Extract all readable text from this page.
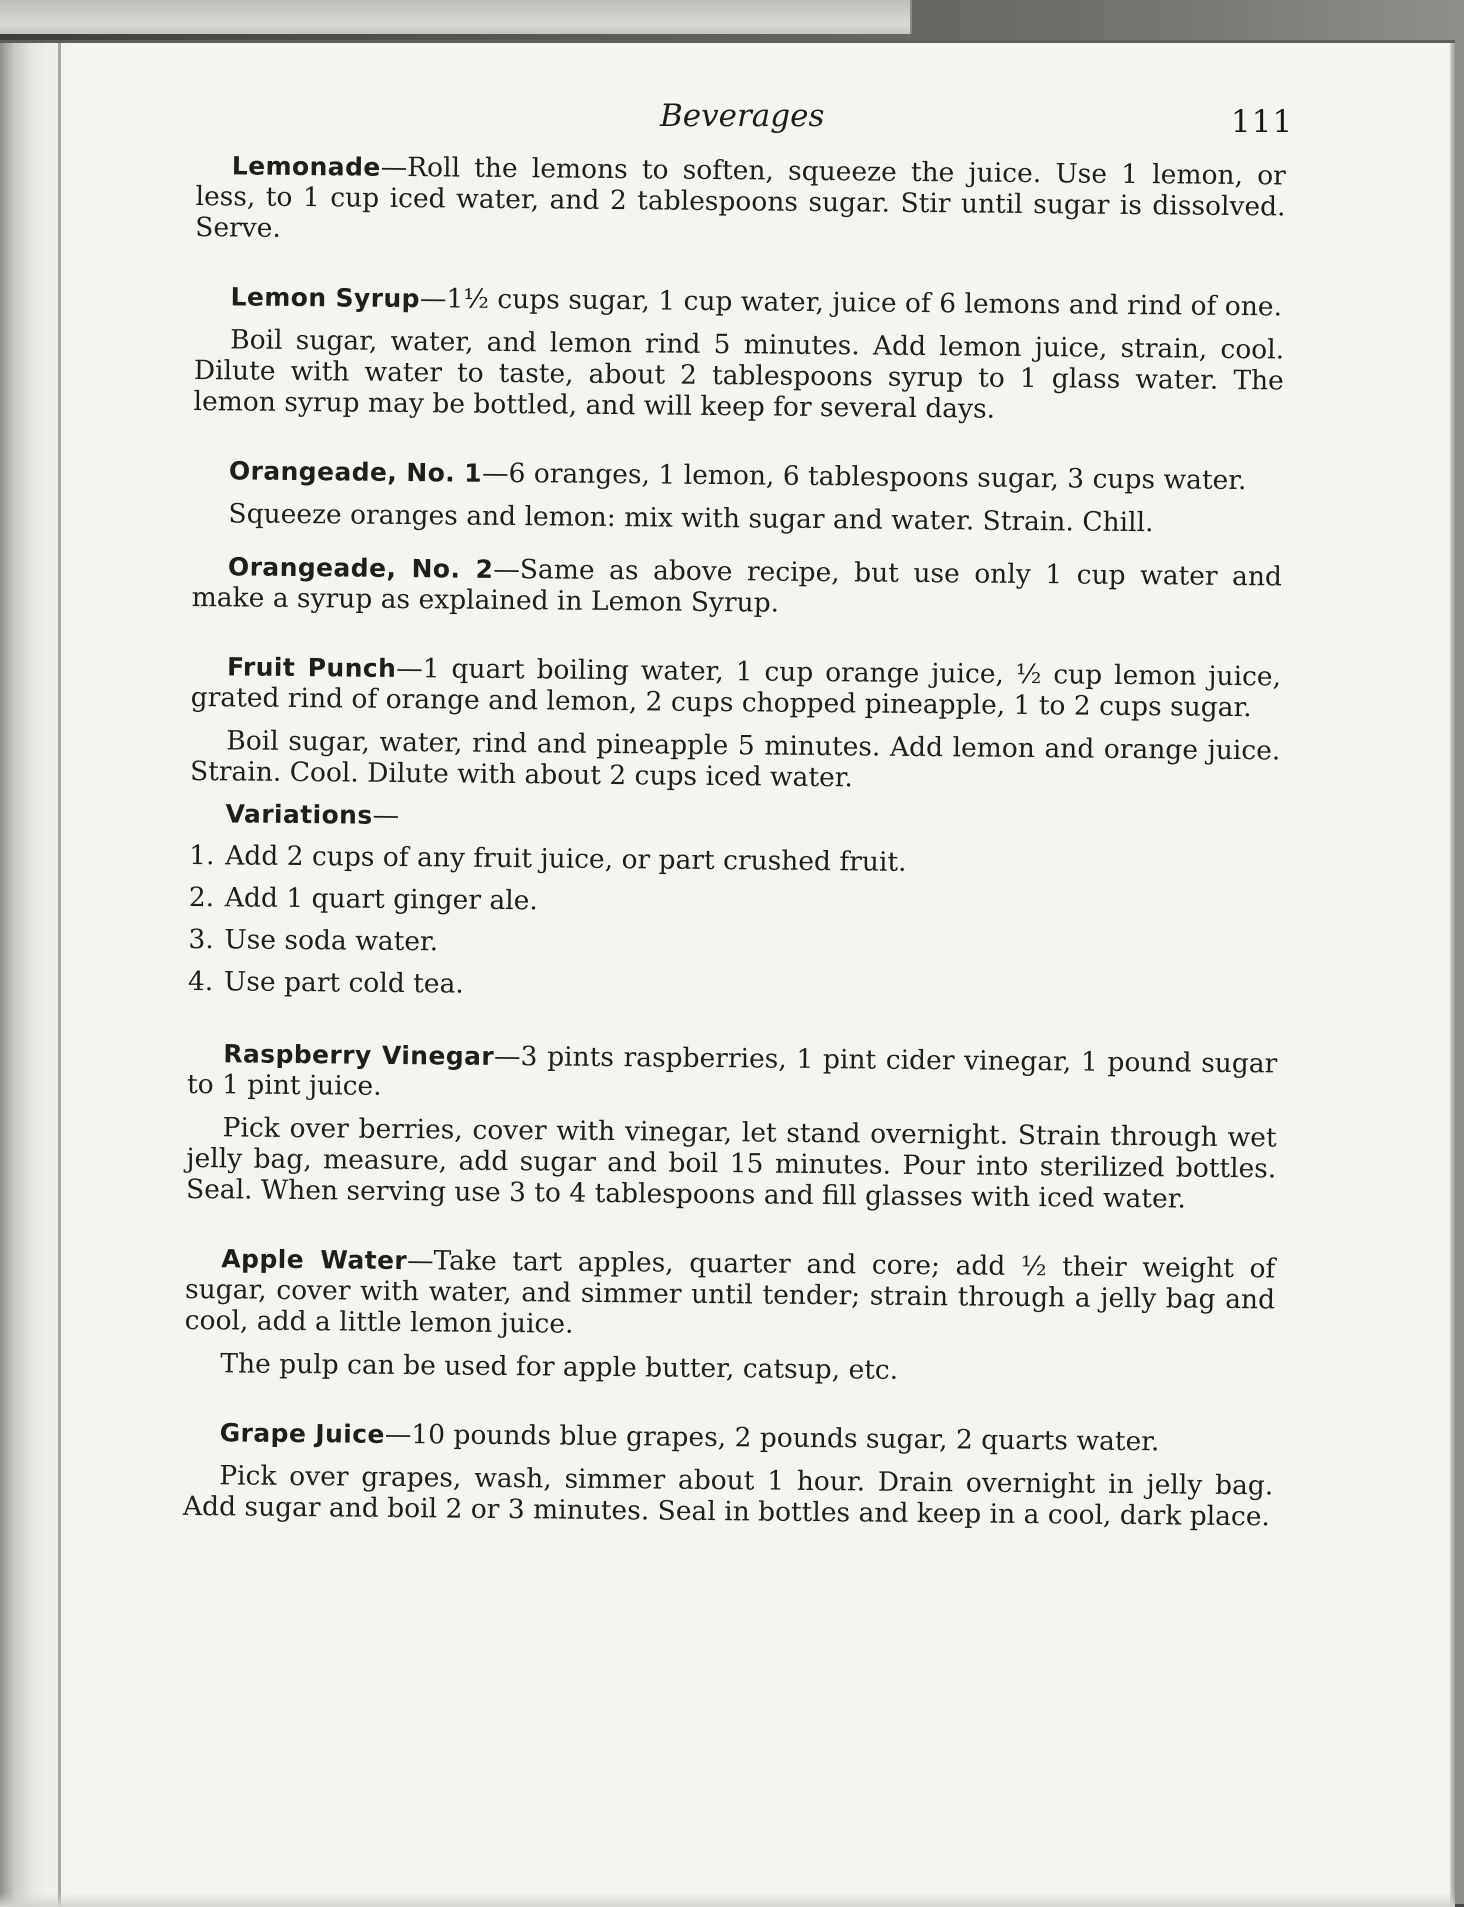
Beverages	111

Lemonade—Roll the lemons to soften, squeeze the juice. Use 1 lemon, or less, to 1 cup iced water, and 2 tablespoons sugar. Stir until sugar is dissolved. Serve.

Lemon Syrup—1½ cups sugar, 1 cup water, juice of 6 lemons and rind of one.

Boil sugar, water, and lemon rind 5 minutes. Add lemon juice, strain, cool. Dilute with water to taste, about 2 tablespoons syrup to 1 glass water. The lemon syrup may be bottled, and will keep for several days.

Orangeade, No. 1—6 oranges, 1 lemon, 6 tablespoons sugar, 3 cups water.

Squeeze oranges and lemon: mix with sugar and water. Strain. Chill.

Orangeade, No. 2—Same as above recipe, but use only 1 cup water and make a syrup as explained in Lemon Syrup.

Fruit Punch—1 quart boiling water, 1 cup orange juice, ½ cup lemon juice, grated rind of orange and lemon, 2 cups chopped pineapple, 1 to 2 cups sugar.

Boil sugar, water, rind and pineapple 5 minutes. Add lemon and orange juice. Strain. Cool. Dilute with about 2 cups iced water.

Variations—

1. Add 2 cups of any fruit juice, or part crushed fruit.
2. Add 1 quart ginger ale.
3. Use soda water.
4. Use part cold tea.

Raspberry Vinegar—3 pints raspberries, 1 pint cider vinegar, 1 pound sugar to 1 pint juice.

Pick over berries, cover with vinegar, let stand overnight. Strain through wet jelly bag, measure, add sugar and boil 15 minutes. Pour into sterilized bottles. Seal. When serving use 3 to 4 tablespoons and fill glasses with iced water.

Apple Water—Take tart apples, quarter and core; add ½ their weight of sugar, cover with water, and simmer until tender; strain through a jelly bag and cool, add a little lemon juice.

The pulp can be used for apple butter, catsup, etc.

Grape Juice—10 pounds blue grapes, 2 pounds sugar, 2 quarts water.

Pick over grapes, wash, simmer about 1 hour. Drain overnight in jelly bag. Add sugar and boil 2 or 3 minutes. Seal in bottles and keep in a cool, dark place.
